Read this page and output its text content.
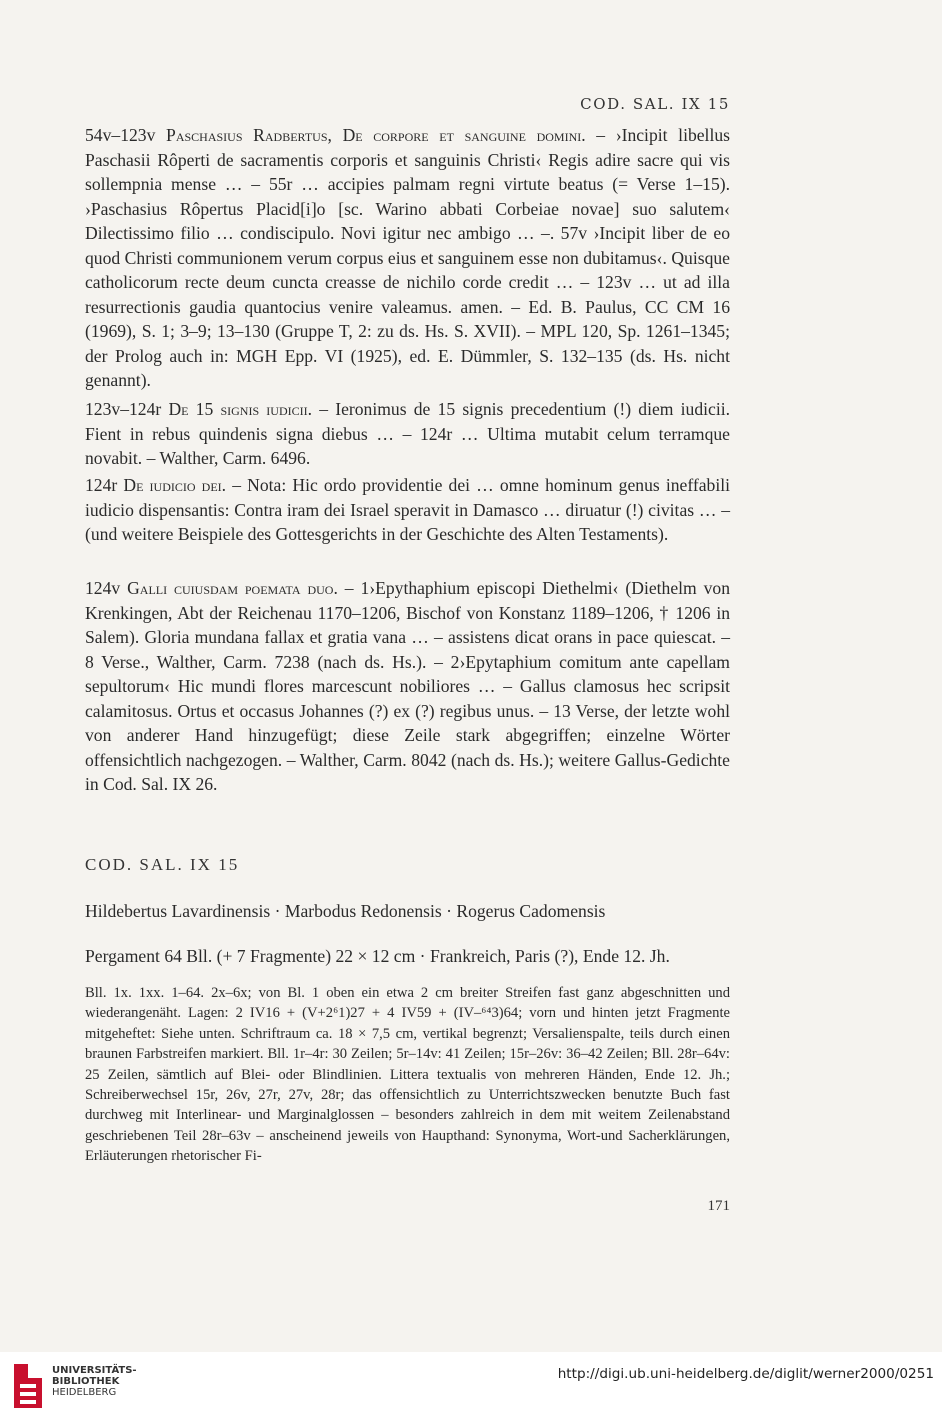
COD. SAL. IX 15
54v–123v Paschasius Radbertus, De corpore et sanguine domini. – ›Incipit libellus Paschasii Rôperti de sacramentis corporis et sanguinis Christi‹ Regis adire sacre qui vis sollempnia mense … – 55r … accipies palmam regni virtute beatus (= Verse 1–15). ›Paschasius Rôpertus Placid[i]o [sc. Warino abbati Corbeiae novae] suo salutem‹ Dilectissimo filio … condiscipulo. Novi igitur nec ambigo … –. 57v ›Incipit liber de eo quod Christi communionem verum corpus eius et sanguinem esse non dubitamus‹. Quisque catholicorum recte deum cuncta creasse de nichilo corde credit … – 123v … ut ad illa resurrectionis gaudia quantocius venire valeamus. amen. – Ed. B. Paulus, CC CM 16 (1969), S. 1; 3–9; 13–130 (Gruppe T, 2: zu ds. Hs. S. XVII). – MPL 120, Sp. 1261–1345; der Prolog auch in: MGH Epp. VI (1925), ed. E. Dümmler, S. 132–135 (ds. Hs. nicht genannt).
123v–124r De 15 signis iudicii. – Ieronimus de 15 signis precedentium (!) diem iudicii. Fient in rebus quindenis signa diebus … – 124r … Ultima mutabit celum terramque novabit. – Walther, Carm. 6496.
124r De iudicio dei. – Nota: Hic ordo providentie dei … omne hominum genus ineffabili iudicio dispensantis: Contra iram dei Israel speravit in Damasco … diruatur (!) civitas … – (und weitere Beispiele des Gottesgerichts in der Geschichte des Alten Testaments).
124v Galli cuiusdam poemata duo. – 1›Epythaphium episcopi Diethelmi‹ (Diethelm von Krenkingen, Abt der Reichenau 1170–1206, Bischof von Konstanz 1189–1206, † 1206 in Salem). Gloria mundana fallax et gratia vana … – assistens dicat orans in pace quiescat. – 8 Verse., Walther, Carm. 7238 (nach ds. Hs.). – 2›Epytaphium comitum ante capellam sepultorum‹ Hic mundi flores marcescunt nobiliores … – Gallus clamosus hec scripsit calamitosus. Ortus et occasus Johannes (?) ex (?) regibus unus. – 13 Verse, der letzte wohl von anderer Hand hinzugefügt; diese Zeile stark abgegriffen; einzelne Wörter offensichtlich nachgezogen. – Walther, Carm. 8042 (nach ds. Hs.); weitere Gallus-Gedichte in Cod. Sal. IX 26.
COD. SAL. IX 15
Hildebertus Lavardinensis · Marbodus Redonensis · Rogerus Cadomensis
Pergament 64 Bll. (+ 7 Fragmente) 22 × 12 cm · Frankreich, Paris (?), Ende 12. Jh.
Bll. 1x. 1xx. 1–64. 2x–6x; von Bl. 1 oben ein etwa 2 cm breiter Streifen fast ganz abgeschnitten und wiederangenäht. Lagen: 2 IV16 + (V+2⁶1)27 + 4 IV59 + (IV–⁶⁴3)64; vorn und hinten jetzt Fragmente mitgeheftet: Siehe unten. Schriftraum ca. 18 × 7,5 cm, vertikal begrenzt; Versalienspalte, teils durch einen braunen Farbstreifen markiert. Bll. 1r–4r: 30 Zeilen; 5r–14v: 41 Zeilen; 15r–26v: 36–42 Zeilen; Bll. 28r–64v: 25 Zeilen, sämtlich auf Blei- oder Blindlinien. Littera textualis von mehreren Händen, Ende 12. Jh.; Schreiberwechsel 15r, 26v, 27r, 27v, 28r; das offensichtlich zu Unterrichtszwecken benutzte Buch fast durchweg mit Interlinear- und Marginalglossen – besonders zahlreich in dem mit weitem Zeilenabstand geschriebenen Teil 28r–63v – anscheinend jeweils von Haupthand: Synonyma, Wort-und Sacherklärungen, Erläuterungen rhetorischer Fi-
171
UNIVERSITÄTS-
BIBLIOTHEK
HEIDELBERG
http://digi.ub.uni-heidelberg.de/diglit/werner2000/0251
